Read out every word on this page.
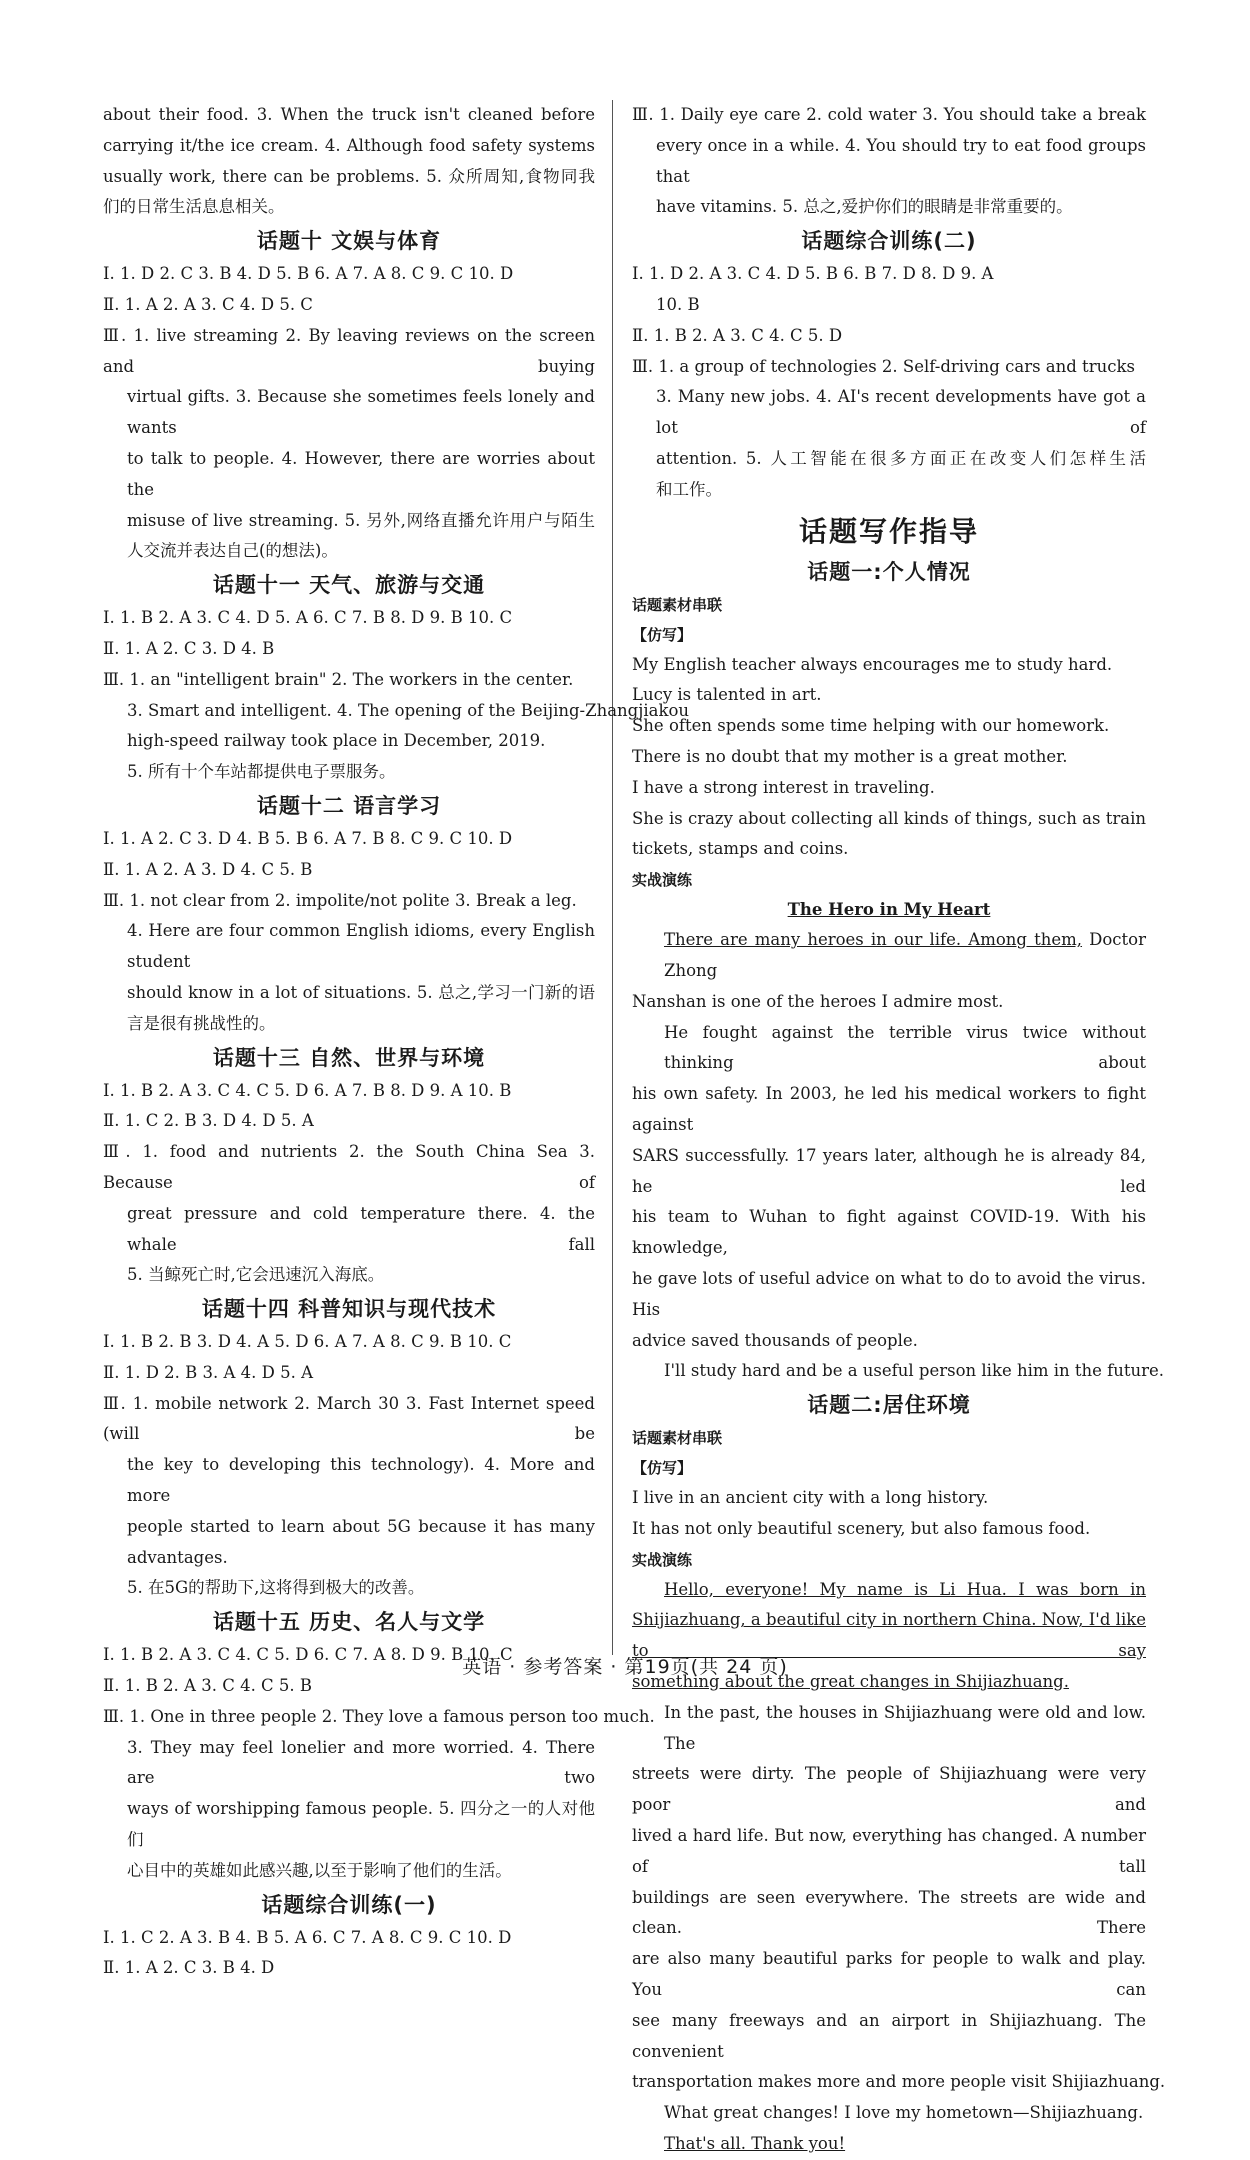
about their food. 3. When the truck isn't cleaned before
carrying it/the ice cream. 4. Although food safety systems
usually work, there can be problems. 5. 众所周知,食物同我
们的日常生活息息相关。
话题十 文娱与体育
Ⅰ. 1. D 2. C 3. B 4. D 5. B 6. A 7. A 8. C 9. C 10. D
Ⅱ. 1. A 2. A 3. C 4. D 5. C
Ⅲ. 1. live streaming 2. By leaving reviews on the screen and buying
virtual gifts. 3. Because she sometimes feels lonely and wants
to talk to people. 4. However, there are worries about the
misuse of live streaming. 5. 另外,网络直播允许用户与陌生
人交流并表达自己(的想法)。
话题十一 天气、旅游与交通
Ⅰ. 1. B 2. A 3. C 4. D 5. A 6. C 7. B 8. D 9. B 10. C
Ⅱ. 1. A 2. C 3. D 4. B
Ⅲ. 1. an "intelligent brain" 2. The workers in the center.
3. Smart and intelligent. 4. The opening of the Beijing-Zhangjiakou
high-speed railway took place in December, 2019.
5. 所有十个车站都提供电子票服务。
话题十二 语言学习
Ⅰ. 1. A 2. C 3. D 4. B 5. B 6. A 7. B 8. C 9. C 10. D
Ⅱ. 1. A 2. A 3. D 4. C 5. B
Ⅲ. 1. not clear from 2. impolite/not polite 3. Break a leg.
4. Here are four common English idioms, every English student
should know in a lot of situations. 5. 总之,学习一门新的语
言是很有挑战性的。
话题十三 自然、世界与环境
Ⅰ. 1. B 2. A 3. C 4. C 5. D 6. A 7. B 8. D 9. A 10. B
Ⅱ. 1. C 2. B 3. D 4. D 5. A
Ⅲ. 1. food and nutrients 2. the South China Sea 3. Because of
great pressure and cold temperature there. 4. the whale fall
5. 当鲸死亡时,它会迅速沉入海底。
话题十四 科普知识与现代技术
Ⅰ. 1. B 2. B 3. D 4. A 5. D 6. A 7. A 8. C 9. B 10. C
Ⅱ. 1. D 2. B 3. A 4. D 5. A
Ⅲ. 1. mobile network 2. March 30 3. Fast Internet speed (will be
the key to developing this technology). 4. More and more
people started to learn about 5G because it has many advantages.
5. 在5G的帮助下,这将得到极大的改善。
话题十五 历史、名人与文学
Ⅰ. 1. B 2. A 3. C 4. C 5. D 6. C 7. A 8. D 9. B 10. C
Ⅱ. 1. B 2. A 3. C 4. C 5. B
Ⅲ. 1. One in three people 2. They love a famous person too much.
3. They may feel lonelier and more worried. 4. There are two
ways of worshipping famous people. 5. 四分之一的人对他们
心目中的英雄如此感兴趣,以至于影响了他们的生活。
话题综合训练(一)
Ⅰ. 1. C 2. A 3. B 4. B 5. A 6. C 7. A 8. C 9. C 10. D
Ⅱ. 1. A 2. C 3. B 4. D
Ⅲ. 1. Daily eye care 2. cold water 3. You should take a break
every once in a while. 4. You should try to eat food groups that
have vitamins. 5. 总之,爱护你们的眼睛是非常重要的。
话题综合训练(二)
Ⅰ. 1. D 2. A 3. C 4. D 5. B 6. B 7. D 8. D 9. A
10. B
Ⅱ. 1. B 2. A 3. C 4. C 5. D
Ⅲ. 1. a group of technologies 2. Self-driving cars and trucks
3. Many new jobs. 4. AI's recent developments have got a lot of
attention. 5. 人工智能在很多方面正在改变人们怎样生活
和工作。
话题写作指导
话题一:个人情况
话题素材串联
【仿写】
My English teacher always encourages me to study hard.
Lucy is talented in art.
She often spends some time helping with our homework.
There is no doubt that my mother is a great mother.
I have a strong interest in traveling.
She is crazy about collecting all kinds of things, such as train
tickets, stamps and coins.
实战演练
The Hero in My Heart
There are many heroes in our life. Among them, Doctor Zhong
Nanshan is one of the heroes I admire most.
He fought against the terrible virus twice without thinking about
his own safety. In 2003, he led his medical workers to fight against
SARS successfully. 17 years later, although he is already 84, he led
his team to Wuhan to fight against COVID-19. With his knowledge,
he gave lots of useful advice on what to do to avoid the virus. His
advice saved thousands of people.
I'll study hard and be a useful person like him in the future.
话题二:居住环境
话题素材串联
【仿写】
I live in an ancient city with a long history.
It has not only beautiful scenery, but also famous food.
实战演练
Hello, everyone! My name is Li Hua. I was born in
Shijiazhuang, a beautiful city in northern China. Now, I'd like to say
something about the great changes in Shijiazhuang.
In the past, the houses in Shijiazhuang were old and low. The
streets were dirty. The people of Shijiazhuang were very poor and
lived a hard life. But now, everything has changed. A number of tall
buildings are seen everywhere. The streets are wide and clean. There
are also many beautiful parks for people to walk and play. You can
see many freeways and an airport in Shijiazhuang. The convenient
transportation makes more and more people visit Shijiazhuang.
What great changes! I love my hometown—Shijiazhuang.
That's all. Thank you!
英语 · 参考答案 · 第19页(共 24 页)
